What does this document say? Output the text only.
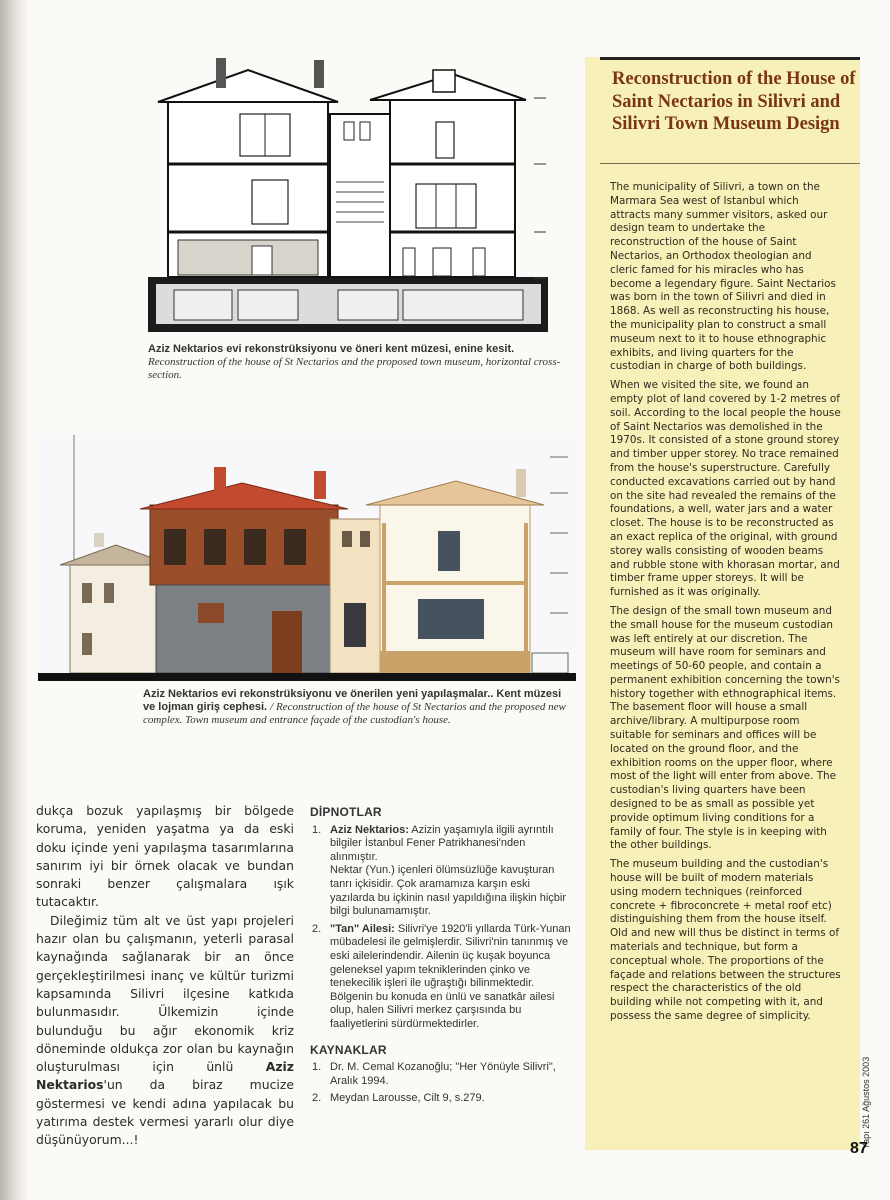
Aziz Nektarios evi rekonstrüksiyonu ve öneri kent müzesi, enine kesit.
Reconstruction of the house of St Nectarios and the proposed town museum, horizontal cross-section.
Aziz Nektarios evi rekonstrüksiyonu ve önerilen yeni yapılaşmalar.. Kent müzesi ve lojman giriş cephesi. / Reconstruction of the house of St Nectarios and the proposed new complex. Town museum and entrance façade of the custodian's house.

dukça bozuk yapılaşmış bir bölgede koruma, yeniden yaşatma ya da eski doku içinde yeni yapılaşma tasarımlarına sanırım iyi bir örnek olacak ve bundan sonraki benzer çalışmalara ışık tutacaktır.

Dileğimiz tüm alt ve üst yapı projeleri hazır olan bu çalışmanın, yeterli parasal kaynağında sağlanarak bir an önce gerçekleştirilmesi inanç ve kültür turizmi kapsamında Silivri ilçesine katkıda bulunmasıdır. Ülkemizin içinde bulunduğu bu ağır ekonomik kriz döneminde oldukça zor olan bu kaynağın oluşturulması için ünlü Aziz Nektarios'un da biraz mucize göstermesi ve kendi adına yapılacak bu yatırıma destek vermesi yararlı olur diye düşünüyorum...!

DİPNOTLAR
1. Aziz Nektarios: Azizin yaşamıyla ilgili ayrıntılı bilgiler İstanbul Fener Patrikhanesi'nden alınmıştır.
Nektar (Yun.) içenleri ölümsüzlüğe kavuşturan tanrı içkisidir. Çok aramamıza karşın eski yazılarda bu içkinin nasıl yapıldığına ilişkin hiçbir bilgi bulunamamıştır.
2. "Tan" Ailesi: Silivri'ye 1920'li yıllarda Türk-Yunan mübadelesi ile gelmişlerdir. Silivri'nin tanınmış ve eski ailelerindendir. Ailenin üç kuşak boyunca geleneksel yapım tekniklerinden çinko ve tenekecilik işleri ile uğraştığı bilinmektedir. Bölgenin bu konuda en ünlü ve sanatkâr ailesi olup, halen Silivri merkez çarşısında bu faaliyetlerini sürdürmektedirler.
KAYNAKLAR
1. Dr. M. Cemal Kozanoğlu; "Her Yönüyle Silivri", Aralık 1994.
2. Meydan Larousse, Cilt 9, s.279.
Reconstruction of the House of Saint Nectarios in Silivri and Silivri Town Museum Design

The municipality of Silivri, a town on the Marmara Sea west of Istanbul which attracts many summer visitors, asked our design team to undertake the reconstruction of the house of Saint Nectarios, an Orthodox theologian and cleric famed for his miracles who has become a legendary figure. Saint Nectarios was born in the town of Silivri and died in 1868. As well as reconstructing his house, the municipality plan to construct a small museum next to it to house ethnographic exhibits, and living quarters for the custodian in charge of both buildings.

When we visited the site, we found an empty plot of land covered by 1-2 metres of soil. According to the local people the house of Saint Nectarios was demolished in the 1970s. It consisted of a stone ground storey and timber upper storey. No trace remained from the house's superstructure. Carefully conducted excavations carried out by hand on the site had revealed the remains of the foundations, a well, water jars and a water closet. The house is to be reconstructed as an exact replica of the original, with ground storey walls consisting of wooden beams and rubble stone with khorasan mortar, and timber frame upper storeys. It will be furnished as it was originally.

The design of the small town museum and the small house for the museum custodian was left entirely at our discretion. The museum will have room for seminars and meetings of 50-60 people, and contain a permanent exhibition concerning the town's history together with ethnographical items. The basement floor will house a small archive/library. A multipurpose room suitable for seminars and offices will be located on the ground floor, and the exhibition rooms on the upper floor, where most of the light will enter from above. The custodian's living quarters have been designed to be as small as possible yet provide optimum living conditions for a family of four. The style is in keeping with the other buildings.

The museum building and the custodian's house will be built of modern materials using modern techniques (reinforced concrete + fibroconcrete + metal roof etc) distinguishing them from the house itself. Old and new will thus be distinct in terms of materials and technique, but form a conceptual whole. The proportions of the façade and relations between the structures respect the characteristics of the old building while not competing with it, and possess the same degree of simplicity.

Yapı 261 Ağustos 2003
87
